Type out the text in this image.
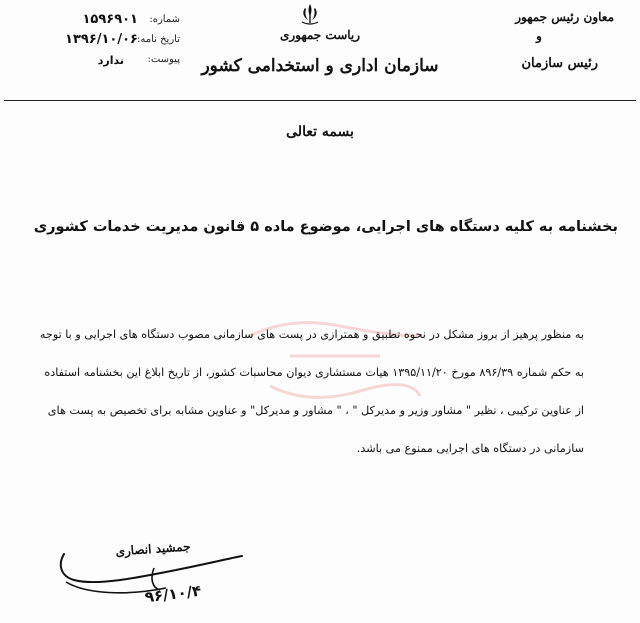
معاون رئیس جمهور
و
رئیس سازمان
ریاست جمهوری
سازمان اداری و استخدامی کشور
شماره:
۱۵۹۶۹۰۱
تاریخ نامه:
۱۳۹۶/۱۰/۰۶
پیوست:
ندارد
بسمه تعالی
بخشنامه به کلیه دستگاه های اجرایی، موضوع ماده ۵ قانون مدیریت خدمات کشوری
به منظور پرهیز از بروز مشکل در نحوه تطبیق و همترازی در پست های سازمانی مصوب دستگاه های اجرایی و با توجه
به حکم شماره ۸۹۶/۳۹ مورخ ۱۳۹۵/۱۱/۲۰ هیات مستشاری دیوان محاسبات کشور، از تاریخ ابلاغ این بخشنامه استفاده
از عناوین ترکیبی ، نظیر " مشاور وزیر و مدیرکل " ، " مشاور و مدیرکل" و عناوین مشابه برای تخصیص به پست های
سازمانی در دستگاه های اجرایی ممنوع می باشد.
جمشید انصاری
۹۶/۱۰/۴
